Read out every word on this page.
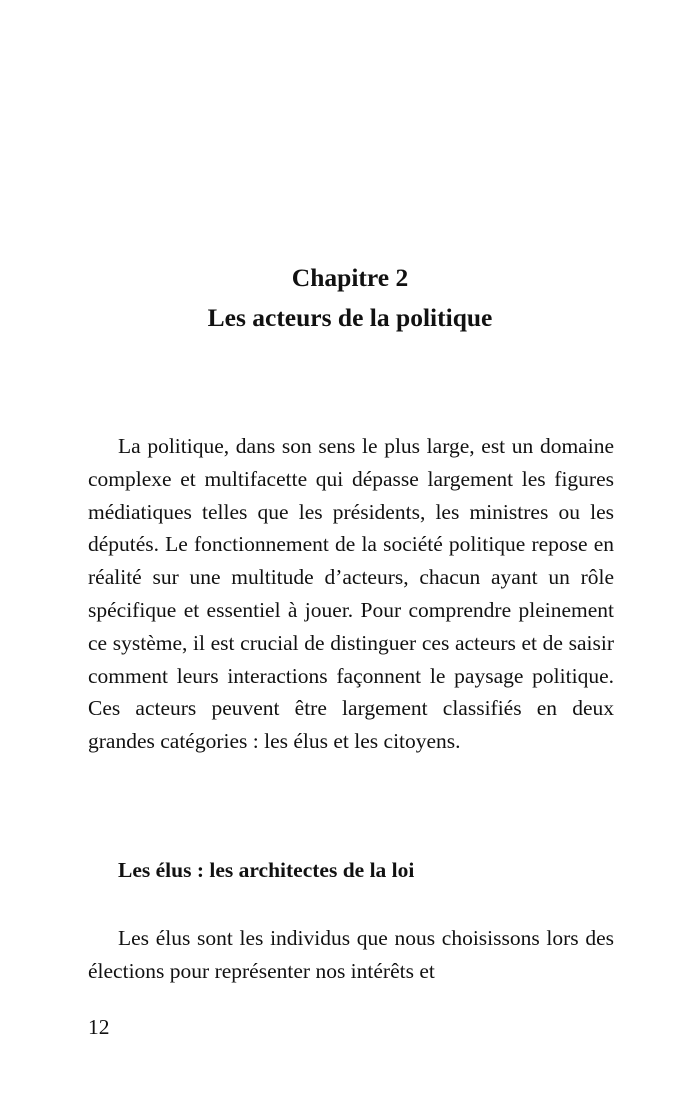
Chapitre 2
Les acteurs de la politique

La politique, dans son sens le plus large, est un domaine complexe et multifacette qui dépasse largement les figures médiatiques telles que les présidents, les ministres ou les députés. Le fonctionnement de la société politique repose en réalité sur une multitude d’acteurs, chacun ayant un rôle spécifique et essentiel à jouer. Pour comprendre pleinement ce système, il est crucial de distinguer ces acteurs et de saisir comment leurs interactions façonnent le paysage politique. Ces acteurs peuvent être largement classifiés en deux grandes catégories : les élus et les citoyens.

Les élus : les architectes de la loi

Les élus sont les individus que nous choisissons lors des élections pour représenter nos intérêts et

12
